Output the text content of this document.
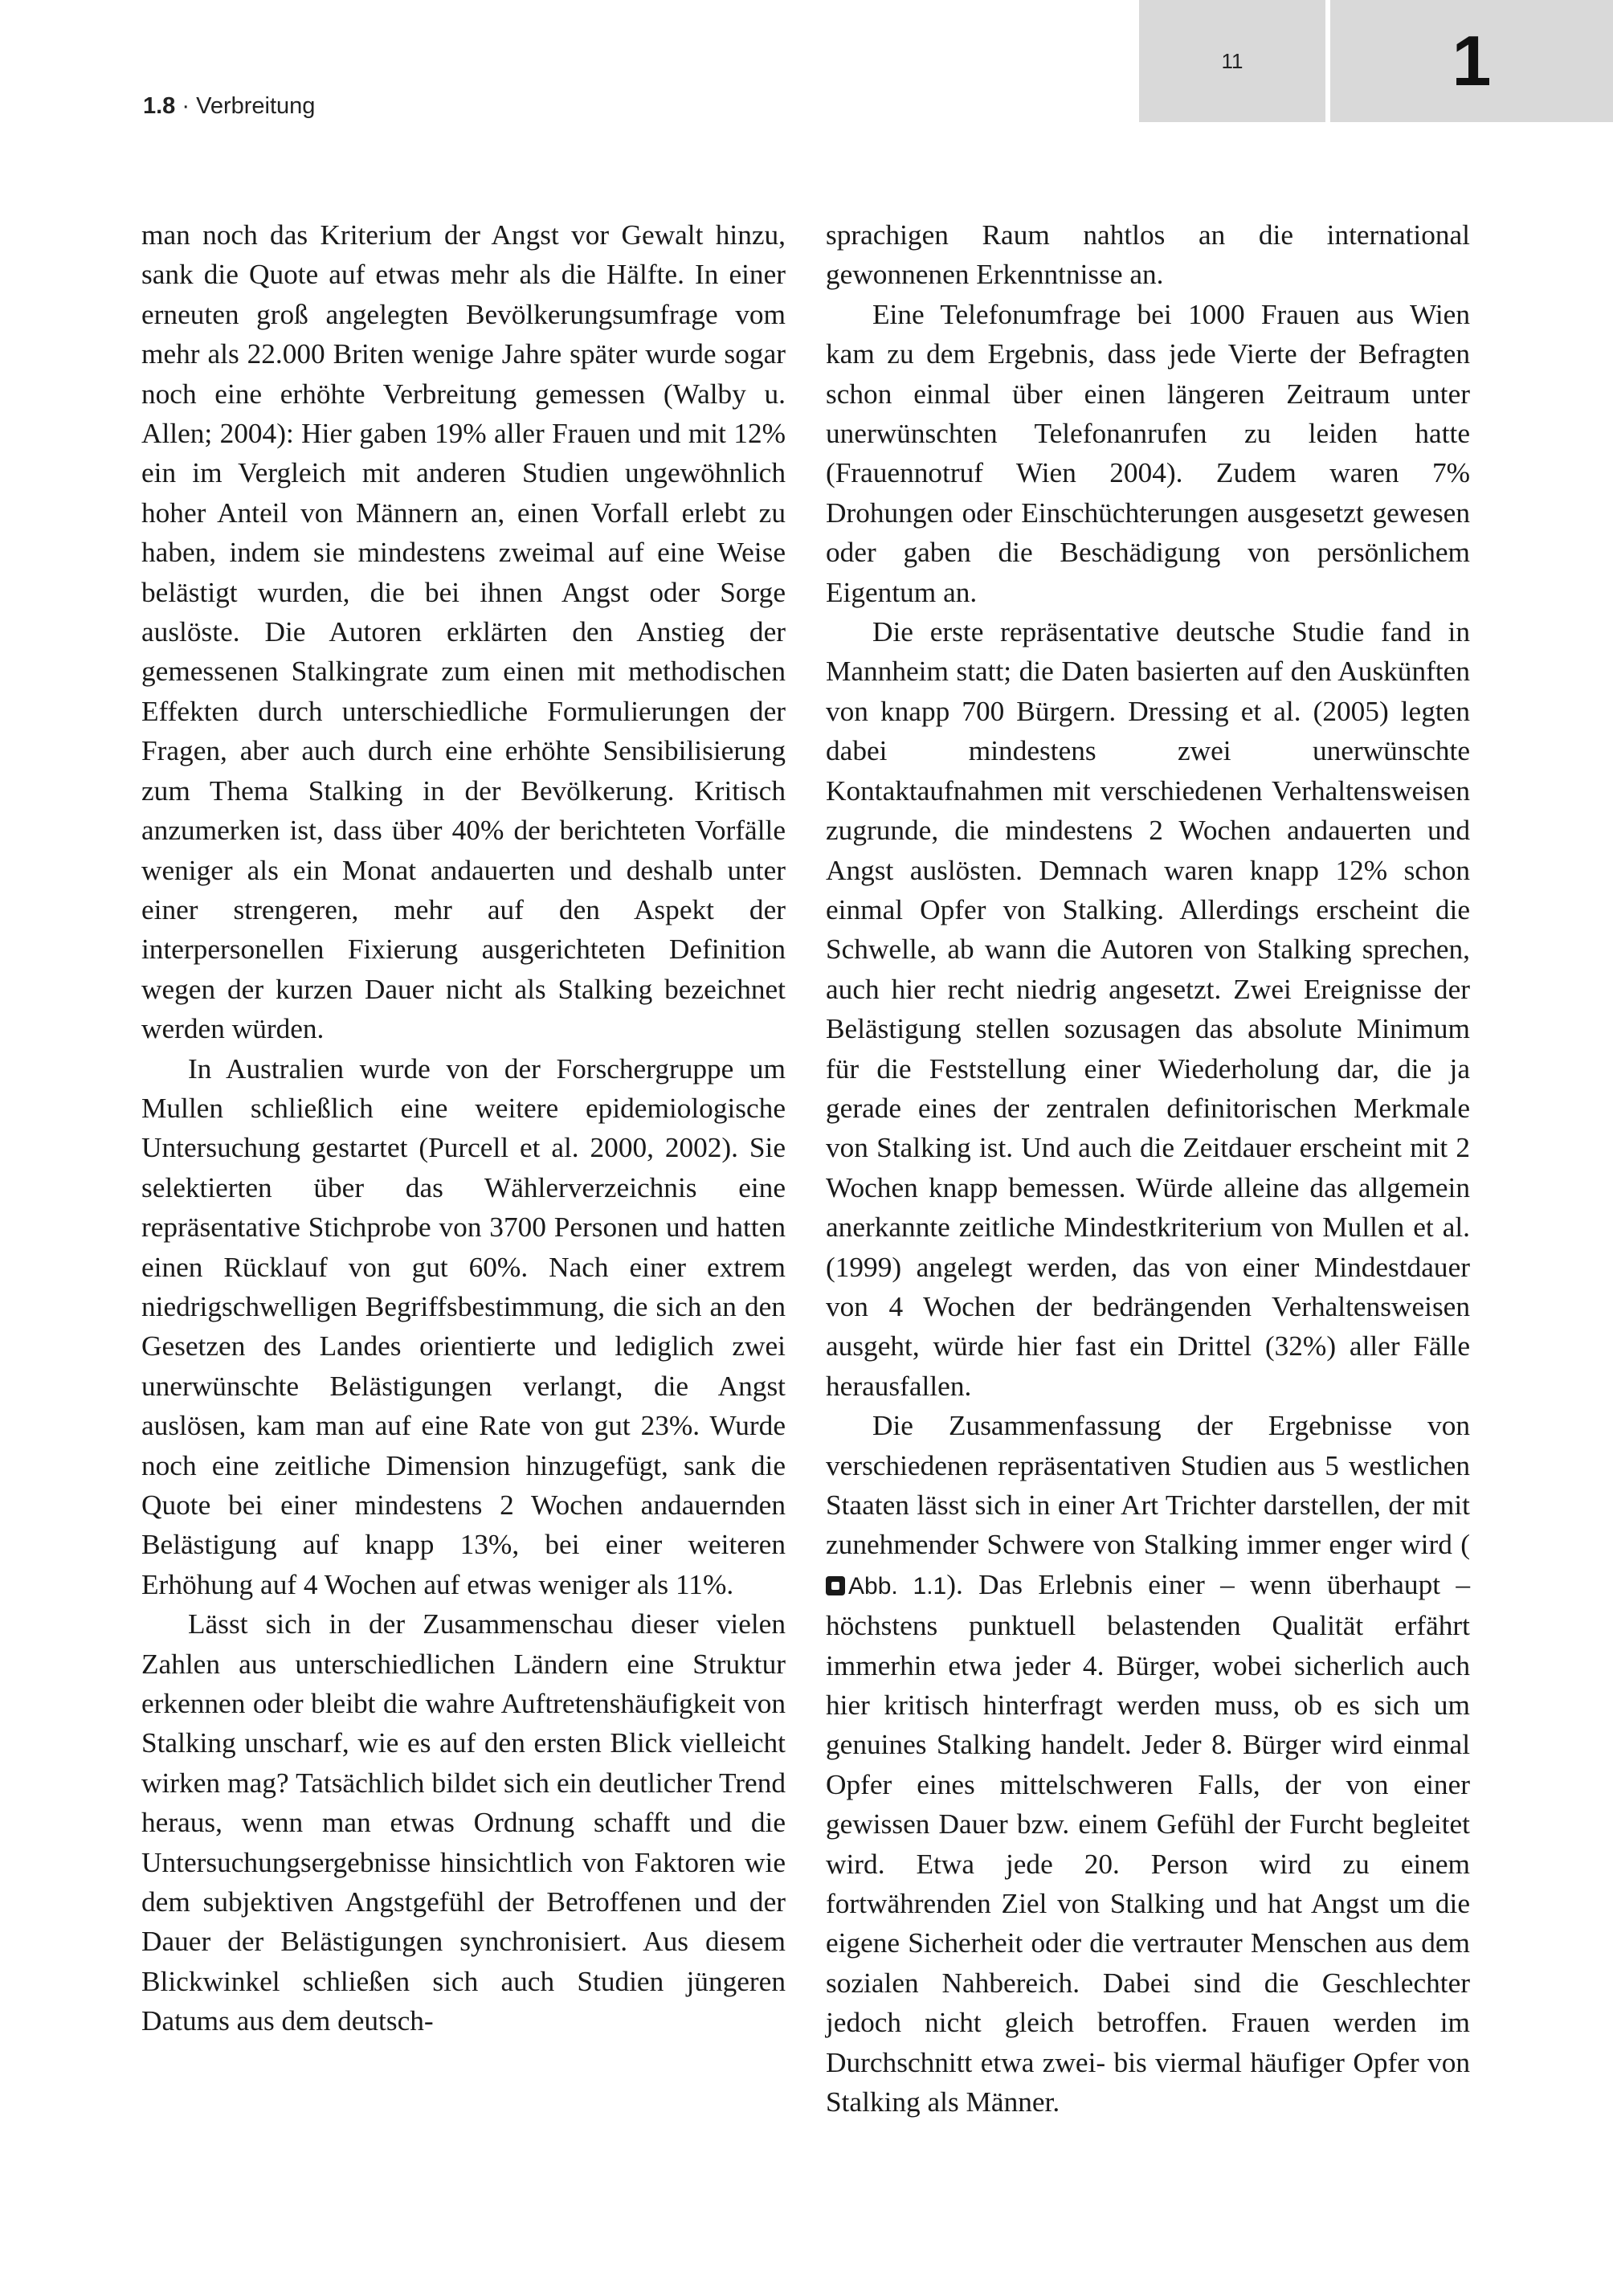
11	1
1.8 · Verbreitung

man noch das Kriterium der Angst vor Gewalt hinzu, sank die Quote auf etwas mehr als die Hälfte. In einer erneuten groß angelegten Bevölkerungsumfrage vom mehr als 22.000 Briten wenige Jahre später wurde sogar noch eine erhöhte Verbreitung gemessen (Walby u. Allen; 2004): Hier gaben 19% aller Frauen und mit 12% ein im Vergleich mit anderen Studien ungewöhnlich hoher Anteil von Männern an, einen Vorfall erlebt zu haben, indem sie mindestens zweimal auf eine Weise belästigt wurden, die bei ihnen Angst oder Sorge auslöste. Die Autoren erklärten den Anstieg der gemessenen Stalkingrate zum einen mit methodischen Effekten durch unterschiedliche Formulierungen der Fragen, aber auch durch eine erhöhte Sensibilisierung zum Thema Stalking in der Bevölkerung. Kritisch anzumerken ist, dass über 40% der berichteten Vorfälle weniger als ein Monat andauerten und deshalb unter einer strengeren, mehr auf den Aspekt der interpersonellen Fixierung ausgerichteten Definition wegen der kurzen Dauer nicht als Stalking bezeichnet werden würden.

In Australien wurde von der Forschergruppe um Mullen schließlich eine weitere epidemiologische Untersuchung gestartet (Purcell et al. 2000, 2002). Sie selektierten über das Wählerverzeichnis eine repräsentative Stichprobe von 3700 Personen und hatten einen Rücklauf von gut 60%. Nach einer extrem niedrigschwelligen Begriffsbestimmung, die sich an den Gesetzen des Landes orientierte und lediglich zwei unerwünschte Belästigungen verlangt, die Angst auslösen, kam man auf eine Rate von gut 23%. Wurde noch eine zeitliche Dimension hinzugefügt, sank die Quote bei einer mindestens 2 Wochen andauernden Belästigung auf knapp 13%, bei einer weiteren Erhöhung auf 4 Wochen auf etwas weniger als 11%.

Lässt sich in der Zusammenschau dieser vielen Zahlen aus unterschiedlichen Ländern eine Struktur erkennen oder bleibt die wahre Auftretenshäufigkeit von Stalking unscharf, wie es auf den ersten Blick vielleicht wirken mag? Tatsächlich bildet sich ein deutlicher Trend heraus, wenn man etwas Ordnung schafft und die Untersuchungsergebnisse hinsichtlich von Faktoren wie dem subjektiven Angstgefühl der Betroffenen und der Dauer der Belästigungen synchronisiert. Aus diesem Blickwinkel schließen sich auch Studien jüngeren Datums aus dem deutsch-

sprachigen Raum nahtlos an die international gewonnenen Erkenntnisse an.

Eine Telefonumfrage bei 1000 Frauen aus Wien kam zu dem Ergebnis, dass jede Vierte der Befragten schon einmal über einen längeren Zeitraum unter unerwünschten Telefonanrufen zu leiden hatte (Frauennotruf Wien 2004). Zudem waren 7% Drohungen oder Einschüchterungen ausgesetzt gewesen oder gaben die Beschädigung von persönlichem Eigentum an.

Die erste repräsentative deutsche Studie fand in Mannheim statt; die Daten basierten auf den Auskünften von knapp 700 Bürgern. Dressing et al. (2005) legten dabei mindestens zwei unerwünschte Kontaktaufnahmen mit verschiedenen Verhaltensweisen zugrunde, die mindestens 2 Wochen andauerten und Angst auslösten. Demnach waren knapp 12% schon einmal Opfer von Stalking. Allerdings erscheint die Schwelle, ab wann die Autoren von Stalking sprechen, auch hier recht niedrig angesetzt. Zwei Ereignisse der Belästigung stellen sozusagen das absolute Minimum für die Feststellung einer Wiederholung dar, die ja gerade eines der zentralen definitorischen Merkmale von Stalking ist. Und auch die Zeitdauer erscheint mit 2 Wochen knapp bemessen. Würde alleine das allgemein anerkannte zeitliche Mindestkriterium von Mullen et al. (1999) angelegt werden, das von einer Mindestdauer von 4 Wochen der bedrängenden Verhaltensweisen ausgeht, würde hier fast ein Drittel (32%) aller Fälle herausfallen.

Die Zusammenfassung der Ergebnisse von verschiedenen repräsentativen Studien aus 5 westlichen Staaten lässt sich in einer Art Trichter darstellen, der mit zunehmender Schwere von Stalking immer enger wird (Abb. 1.1). Das Erlebnis einer – wenn überhaupt – höchstens punktuell belastenden Qualität erfährt immerhin etwa jeder 4. Bürger, wobei sicherlich auch hier kritisch hinterfragt werden muss, ob es sich um genuines Stalking handelt. Jeder 8. Bürger wird einmal Opfer eines mittelschweren Falls, der von einer gewissen Dauer bzw. einem Gefühl der Furcht begleitet wird. Etwa jede 20. Person wird zu einem fortwährenden Ziel von Stalking und hat Angst um die eigene Sicherheit oder die vertrauter Menschen aus dem sozialen Nahbereich. Dabei sind die Geschlechter jedoch nicht gleich betroffen. Frauen werden im Durchschnitt etwa zwei- bis viermal häufiger Opfer von Stalking als Männer.
